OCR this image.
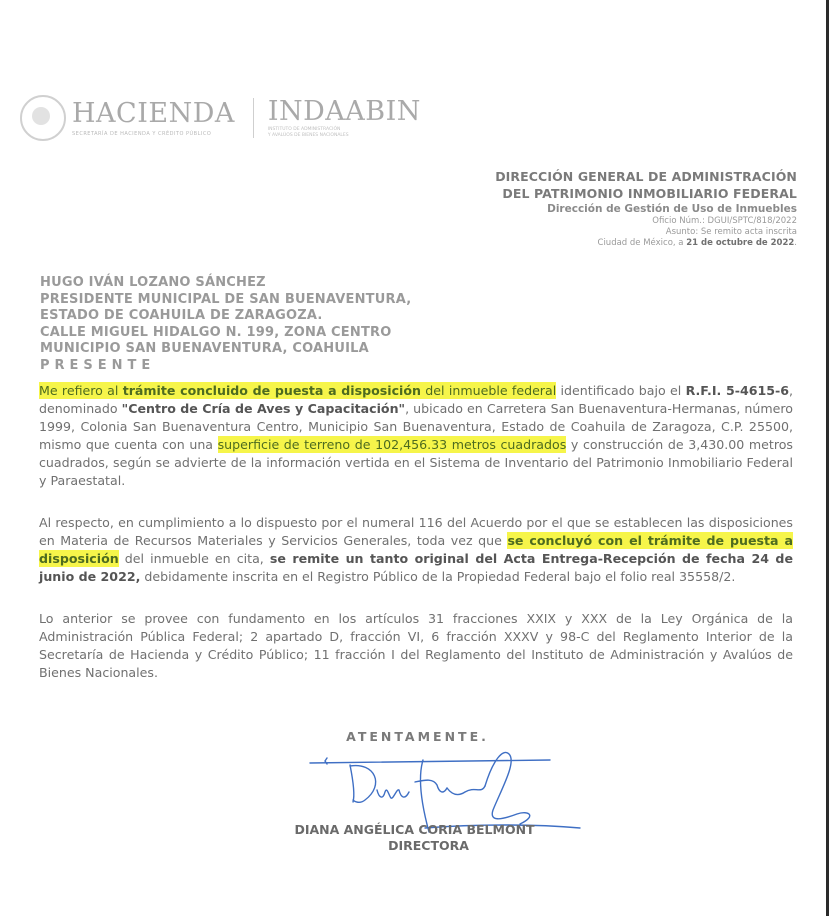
HACIENDA
SECRETARÍA DE HACIENDA Y CRÉDITO PÚBLICO
INDAABIN
INSTITUTO DE ADMINISTRACIÓN
Y AVALÚOS DE BIENES NACIONALES
DIRECCIÓN GENERAL DE ADMINISTRACIÓN
DEL PATRIMONIO INMOBILIARIO FEDERAL
Dirección de Gestión de Uso de Inmuebles
Oficio Núm.: DGUI/SPTC/818/2022
Asunto: Se remito acta inscrita
Ciudad de México, a 21 de octubre de 2022.
HUGO IVÁN LOZANO SÁNCHEZ
PRESIDENTE MUNICIPAL DE SAN BUENAVENTURA,
ESTADO DE COAHUILA DE ZARAGOZA.
CALLE MIGUEL HIDALGO N. 199, ZONA CENTRO
MUNICIPIO SAN BUENAVENTURA, COAHUILA
PRESENTE
Me refiero al trámite concluido de puesta a disposición del inmueble federal identificado bajo el R.F.I. 5-4615-6, denominado "Centro de Cría de Aves y Capacitación", ubicado en Carretera San Buenaventura-Hermanas, número 1999, Colonia San Buenaventura Centro, Municipio San Buenaventura, Estado de Coahuila de Zaragoza, C.P. 25500, mismo que cuenta con una superficie de terreno de 102,456.33 metros cuadrados y construcción de 3,430.00 metros cuadrados, según se advierte de la información vertida en el Sistema de Inventario del Patrimonio Inmobiliario Federal y Paraestatal.
Al respecto, en cumplimiento a lo dispuesto por el numeral 116 del Acuerdo por el que se establecen las disposiciones en Materia de Recursos Materiales y Servicios Generales, toda vez que se concluyó con el trámite de puesta a disposición del inmueble en cita, se remite un tanto original del Acta Entrega-Recepción de fecha 24 de junio de 2022, debidamente inscrita en el Registro Público de la Propiedad Federal bajo el folio real 35558/2.
Lo anterior se provee con fundamento en los artículos 31 fracciones XXIX y XXX de la Ley Orgánica de la Administración Pública Federal; 2 apartado D, fracción VI, 6 fracción XXXV y 98-C del Reglamento Interior de la Secretaría de Hacienda y Crédito Público; 11 fracción I del Reglamento del Instituto de Administración y Avalúos de Bienes Nacionales.
ATENTAMENTE.
DIANA ANGÉLICA CORIA BELMONT
DIRECTORA
